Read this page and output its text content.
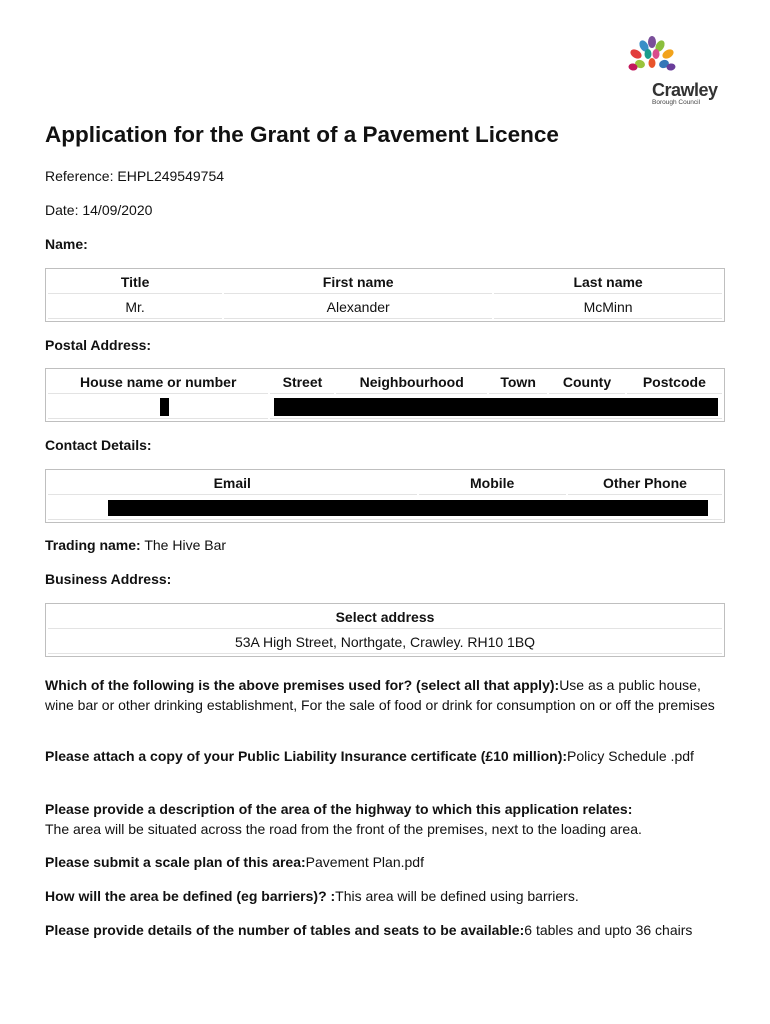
Crawley
Borough Council
Application for the Grant of a Pavement Licence
Reference: EHPL249549754
Date: 14/09/2020
Name:
Title	First name	Last name
Mr.	Alexander	McMinn
Postal Address:
House name or number	Street	Neighbourhood	Town	County	Postcode

Contact Details:
Email	Mobile	Other Phone

Trading name: The Hive Bar
Business Address:
Select address
53A High Street, Northgate, Crawley. RH10 1BQ
Which of the following is the above premises used for? (select all that apply):Use as a public house, wine bar or other drinking establishment, For the sale of food or drink for consumption on or off the premises
Please attach a copy of your Public Liability Insurance certificate (£10 million):Policy Schedule .pdf
Please provide a description of the area of the highway to which this application relates:
The area will be situated across the road from the front of the premises, next to the loading area.
Please submit a scale plan of this area:Pavement Plan.pdf
How will the area be defined (eg barriers)? :This area will be defined using barriers.
Please provide details of the number of tables and seats to be available:6 tables and upto 36 chairs
